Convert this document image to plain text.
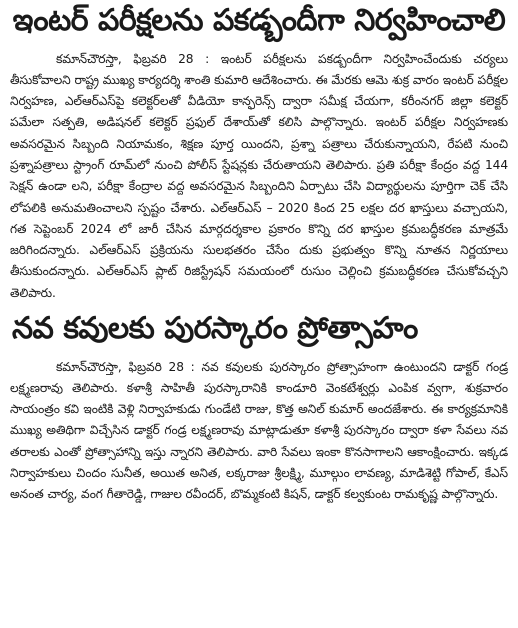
ఇంటర్ పరీక్షలను పకడ్బందీగా నిర్వహించాలి

కమాన్‌చౌరస్తా, ఫిబ్రవరి 28 : ఇంటర్ పరీక్షలను పకడ్బందీగా నిర్వహించేందుకు చర్యలు తీసుకోవాలని రాష్ట్ర ముఖ్య కార్యదర్శి శాంతి కుమారి ఆదేశించారు. ఈ మేరకు ఆమె శుక్ర వారం ఇంటర్ పరీక్షల నిర్వహణ, ఎల్ఆర్ఎస్‌పై కలెక్టర్‌లతో వీడియో కాన్ఫరెన్స్ ద్వారా సమీక్ష చేయగా, కరీంనగర్ జిల్లా కలెక్టర్ పమేలా సత్పతి, అడిషనల్ కలెక్టర్ ప్రఫుల్ దేశాయ్‌తో కలిసి పాల్గొన్నారు. ఇంటర్ పరీక్షల నిర్వహణకు అవసరమైన సిబ్బంది నియామకం, శిక్షణ పూర్త యిందని, ప్రశ్నా పత్రాలు చేరుకున్నాయని, రేపటి నుంచి ప్రశ్నాపత్రాలు స్ట్రాంగ్ రూమ్‌లో నుంచి పోలీస్ స్టేషన్లకు చేరుతాయని తెలిపారు. ప్రతి పరీక్షా కేంద్రం వద్ద 144 సెక్షన్ ఉండా లని, పరీక్షా కేంద్రాల వద్ద అవసరమైన సిబ్బందిని ఏర్పాటు చేసి విద్యార్థులను పూర్తిగా చెక్ చేసి లోపలికి అనుమతించాలని స్పష్టం చేశారు. ఎల్ఆర్ఎస్ – 2020 కింద 25 లక్షల దర ఖాస్తులు వచ్చాయని, గత సెప్టెంబర్ 2024 లో జారీ చేసిన మార్గదర్శకాల ప్రకారం కొన్ని దర ఖాస్తుల క్రమబద్ధీకరణ మాత్రమే జరిగిందన్నారు. ఎల్ఆర్ఎస్ ప్రక్రియను సులభతరం చేసేం దుకు ప్రభుత్వం కొన్ని నూతన నిర్ణయాలు తీసుకుందన్నారు. ఎల్ఆర్ఎస్ ప్లాట్ రిజిస్ట్రేషన్ సమయంలో రుసుం చెల్లించి క్రమబద్ధీకరణ చేసుకోవచ్చని తెలిపారు.

నవ కవులకు పురస్కారం ప్రోత్సాహం

కమాన్‌చౌరస్తా, ఫిబ్రవరి 28 : నవ కవులకు పురస్కారం ప్రోత్సాహంగా ఉంటుందని డాక్టర్ గండ్ర లక్ష్మణరావు తెలిపారు. కళాశ్రీ సాహితీ పురస్కారానికి కాండూరి వెంకటేశ్వర్లు ఎంపిక వ్వగా, శుక్రవారం సాయంత్రం కవి ఇంటికి వెళ్లి నిర్వాహకుడు గుండేటి రాజు, కొత్త అనిల్ కుమార్ అందజేశారు. ఈ కార్యక్రమానికి ముఖ్య అతిథిగా విచ్చేసిన డాక్టర్ గండ్ర లక్ష్మణరావు మాట్లాడుతూ కళాశ్రీ పురస్కారం ద్వారా కళా సేవలు నవ తరాలకు ఎంతో ప్రోత్సాహాన్ని ఇస్తు న్నారని తెలిపారు. వారి సేవలు ఇంకా కొనసాగాలని ఆకాంక్షించారు. ఇక్కడ నిర్వాహకులు చిందం సునీత, అయిత అనిత, లక్కరాజు శ్రీలక్ష్మి, మూల్గుం లావణ్య, మాడిశెట్టి గోపాల్, కేఎస్ అనంత చార్య, వంగ గీతారెడ్డి, గాజుల రవీందర్, బొమ్మకంటి కిషన్, డాక్టర్ కల్వకుంట రామకృష్ణ పాల్గొన్నారు.
